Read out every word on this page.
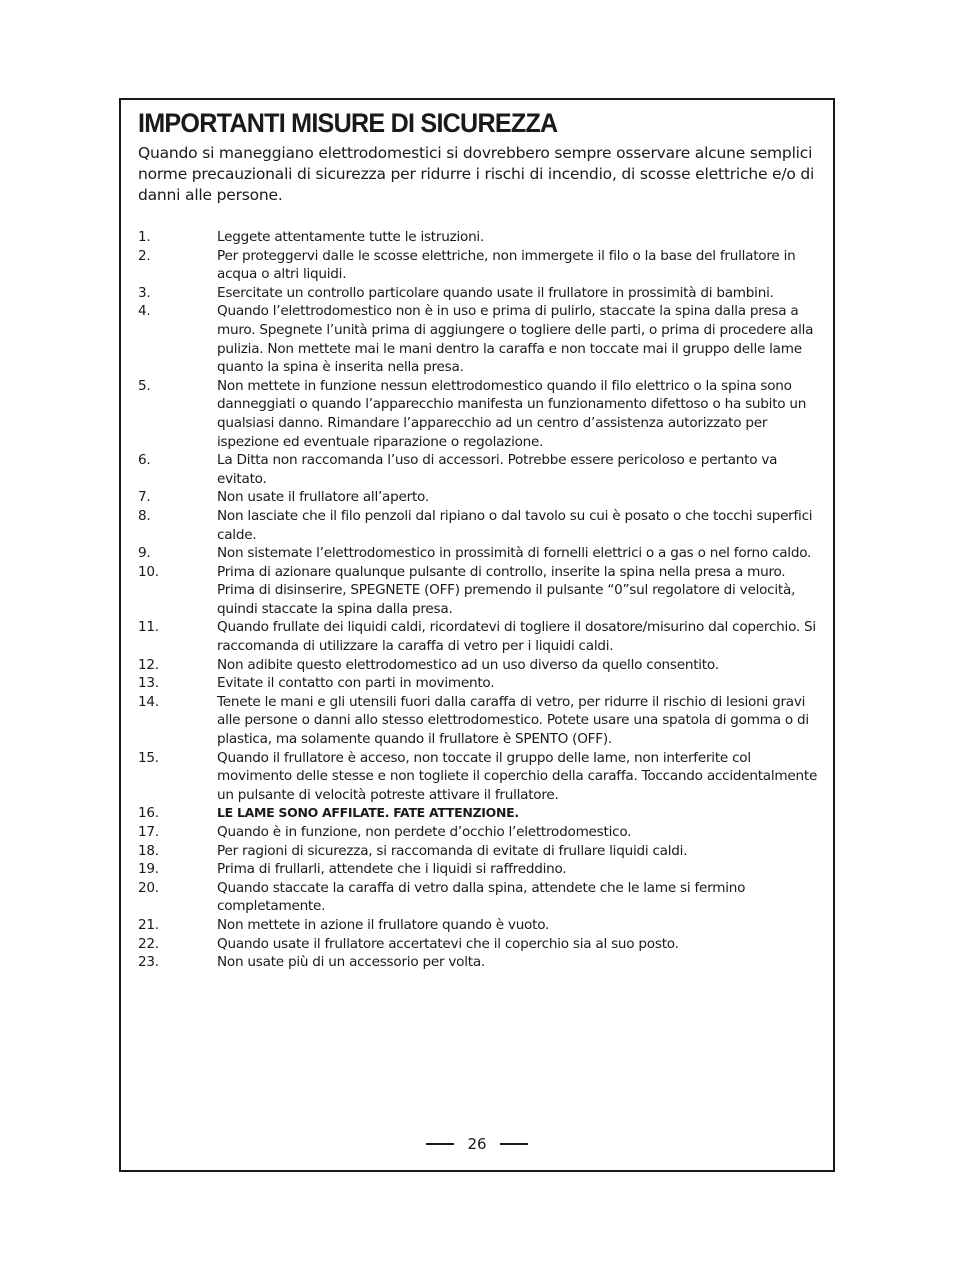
IMPORTANTI MISURE DI SICUREZZA

Quando si maneggiano elettrodomestici si dovrebbero sempre osservare alcune semplici norme precauzionali di sicurezza per ridurre i rischi di incendio, di scosse elettriche e/o di danni alle persone.

1.	Leggete attentamente tutte le istruzioni.
2.	Per proteggervi dalle le scosse elettriche, non immergete il filo o la base del frullatore in acqua o altri liquidi.
3.	Esercitate un controllo particolare quando usate il frullatore in prossimità di bambini.
4.	Quando l’elettrodomestico non è in uso e prima di pulirlo, staccate la spina dalla presa a muro. Spegnete l’unità prima di aggiungere o togliere delle parti, o prima di procedere alla pulizia. Non mettete mai le mani dentro la caraffa e non toccate mai il gruppo delle lame quanto la spina è inserita nella presa.
5.	Non mettete in funzione nessun elettrodomestico quando il filo elettrico o la spina sono danneggiati o quando l’apparecchio manifesta un funzionamento difettoso o ha subito un qualsiasi danno. Rimandare l’apparecchio ad un centro d’assistenza autorizzato per ispezione ed eventuale riparazione o regolazione.
6.	La Ditta non raccomanda l’uso di accessori. Potrebbe essere pericoloso e pertanto va evitato.
7.	Non usate il frullatore all’aperto.
8.	Non lasciate che il filo penzoli dal ripiano o dal tavolo su cui è posato o che tocchi superfici calde.
9.	Non sistemate l’elettrodomestico in prossimità di fornelli elettrici o a gas o nel forno caldo.
10.	Prima di azionare qualunque pulsante di controllo, inserite la spina nella presa a muro. Prima di disinserire, SPEGNETE (OFF) premendo il pulsante “0”sul regolatore di velocità, quindi staccate la spina dalla presa.
11.	Quando frullate dei liquidi caldi, ricordatevi di togliere il dosatore/misurino dal coperchio. Si raccomanda di utilizzare la caraffa di vetro per i liquidi caldi.
12.	Non adibite questo elettrodomestico ad un uso diverso da quello consentito.
13.	Evitate il contatto con parti in movimento.
14.	Tenete le mani e gli utensili fuori dalla caraffa di vetro, per ridurre il rischio di lesioni gravi alle persone o danni allo stesso elettrodomestico. Potete usare una spatola di gomma o di plastica, ma solamente quando il frullatore è SPENTO (OFF).
15.	Quando il frullatore è acceso, non toccate il gruppo delle lame, non interferite col movimento delle stesse e non togliete il coperchio della caraffa. Toccando accidentalmente un pulsante di velocità potreste attivare il frullatore.
16.	LE LAME SONO AFFILATE. FATE ATTENZIONE.
17.	Quando è in funzione, non perdete d’occhio l’elettrodomestico.
18.	Per ragioni di sicurezza, si raccomanda di evitate di frullare liquidi caldi.
19.	Prima di frullarli, attendete che i liquidi si raffreddino.
20.	Quando staccate la caraffa di vetro dalla spina, attendete che le lame si fermino completamente.
21.	Non mettete in azione il frullatore quando è vuoto.
22.	Quando usate il frullatore accertatevi che il coperchio sia al suo posto.
23.	Non usate più di un accessorio per volta.
26
